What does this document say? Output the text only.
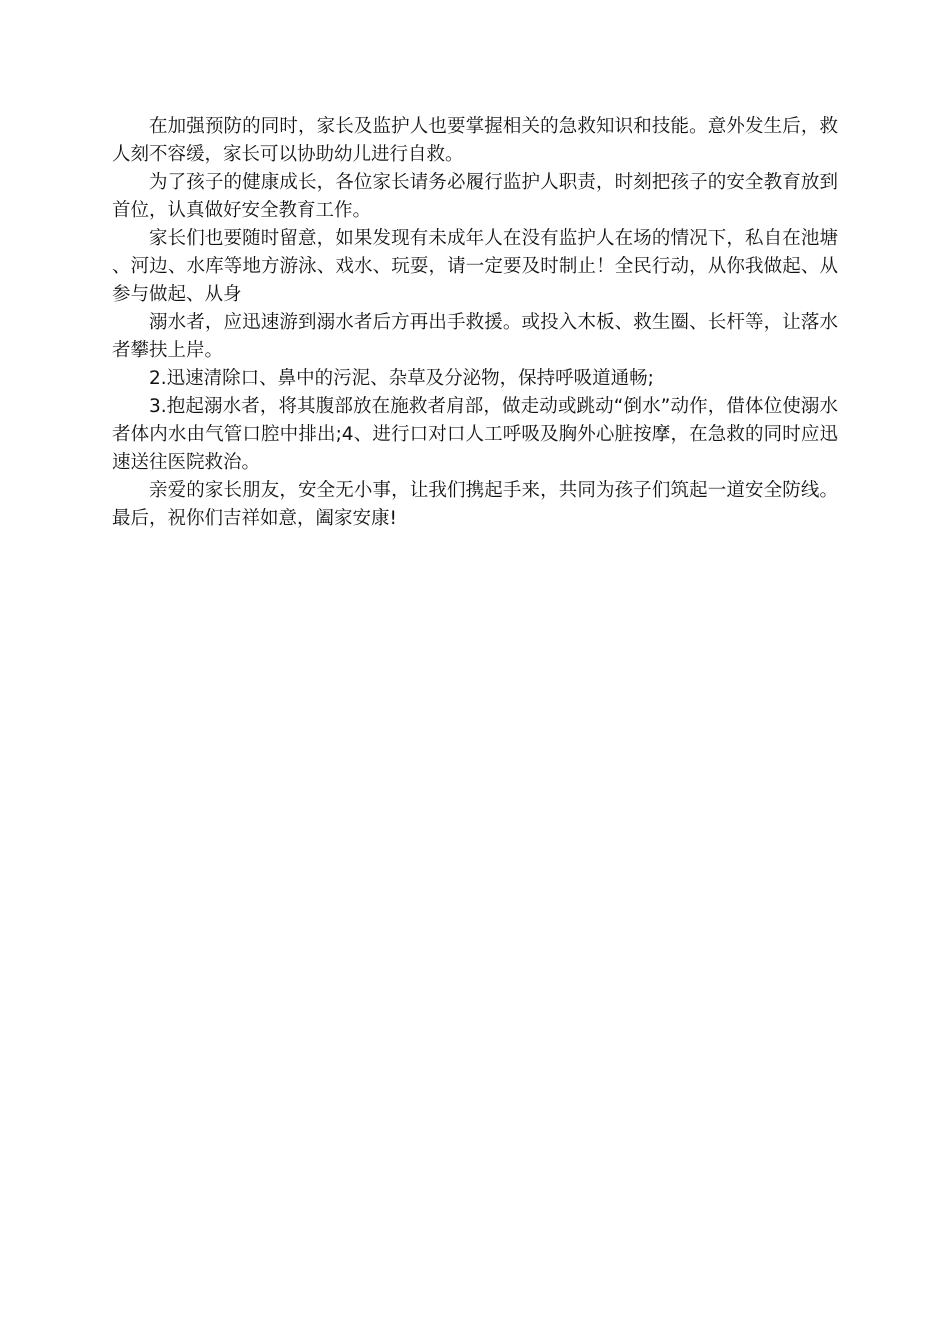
在加强预防的同时，家长及监护人也要掌握相关的急救知识和技能。意外发生后，救人刻不容缓，家长可以协助幼儿进行自救。

为了孩子的健康成长，各位家长请务必履行监护人职责，时刻把孩子的安全教育放到首位，认真做好安全教育工作。

家长们也要随时留意，如果发现有未成年人在没有监护人在场的情况下，私自在池塘、河边、水库等地方游泳、戏水、玩耍，请一定要及时制止！全民行动，从你我做起、从参与做起、从身

溺水者，应迅速游到溺水者后方再出手救援。或投入木板、救生圈、长杆等，让落水者攀扶上岸。

2.迅速清除口、鼻中的污泥、杂草及分泌物，保持呼吸道通畅;

3.抱起溺水者，将其腹部放在施救者肩部，做走动或跳动“倒水”动作，借体位使溺水者体内水由气管口腔中排出;4、进行口对口人工呼吸及胸外心脏按摩，在急救的同时应迅速送往医院救治。

亲爱的家长朋友，安全无小事，让我们携起手来，共同为孩子们筑起一道安全防线。最后，祝你们吉祥如意，阖家安康!
